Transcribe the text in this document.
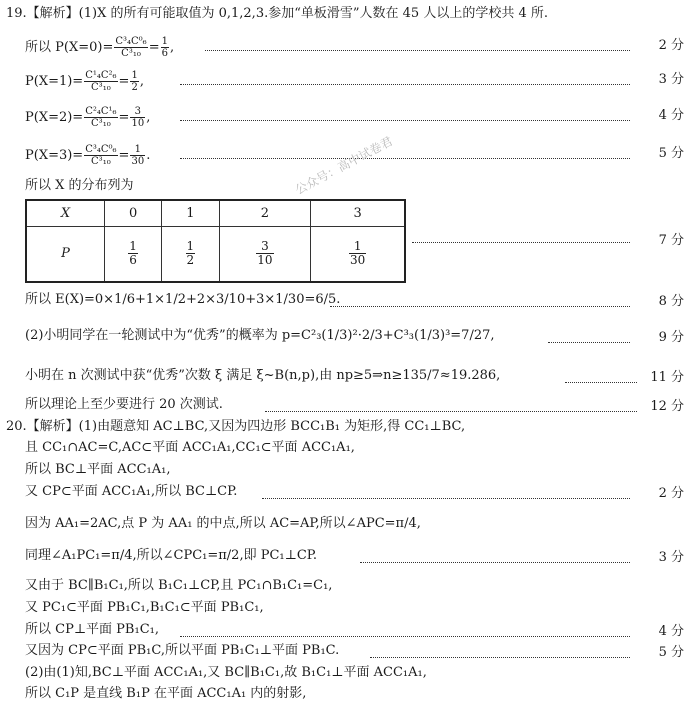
19.【解析】(1)X 的所有可能取值为 0,1,2,3.参加“单板滑雪”人数在 45 人以上的学校共 4 所.
所以 $P(X=0)= \frac{\text{C³₄C⁰₆}}{\text{C³₁₀}} = \frac{1}{6}$ ,	2 分
$P(X=1)= \frac{\text{C¹₄C²₆}}{\text{C³₁₀}} = \frac{1}{2}$ ,	3 分
$P(X=2)= \frac{\text{C²₄C¹₆}}{\text{C³₁₀}} = \frac{3}{10}$ ,	4 分
$P(X=3)= \frac{\text{C³₄C⁰₆}}{\text{C³₁₀}} = \frac{1}{30}$ .	5 分
所以 X 的分布列为
X	0	1	2	3
P	$\frac{1}{6}$	$\frac{1}{2}$	$\frac{3}{10}$	$\frac{1}{30}$	7 分
公众号：高中试卷君
所以 E(X)=0×1/6+1×1/2+2×3/10+3×1/30=6/5.	8 分
(2)小明同学在一轮测试中为“优秀”的概率为 p=C²₃(1/3)²·2/3+C³₃(1/3)³=7/27,	9 分
小明在 n 次测试中获“优秀”次数 ξ 满足 ξ~B(n,p),由 np≥5⇒n≥135/7≈19.286,	11 分
所以理论上至少要进行 20 次测试.	12 分
20.【解析】(1)由题意知 AC⊥BC,又因为四边形 BCC₁B₁ 为矩形,得 CC₁⊥BC,
且 CC₁∩AC=C,AC⊂平面 ACC₁A₁,CC₁⊂平面 ACC₁A₁,
所以 BC⊥平面 ACC₁A₁,
又 CP⊂平面 ACC₁A₁,所以 BC⊥CP.	2 分
因为 AA₁=2AC,点 P 为 AA₁ 的中点,所以 AC=AP,所以∠APC=π/4,
同理∠A₁PC₁=π/4,所以∠CPC₁=π/2,即 PC₁⊥CP.	3 分
又由于 BC∥B₁C₁,所以 B₁C₁⊥CP,且 PC₁∩B₁C₁=C₁,
又 PC₁⊂平面 PB₁C₁,B₁C₁⊂平面 PB₁C₁,
所以 CP⊥平面 PB₁C₁,	4 分
又因为 CP⊂平面 PB₁C,所以平面 PB₁C₁⊥平面 PB₁C.	5 分
(2)由(1)知,BC⊥平面 ACC₁A₁,又 BC∥B₁C₁,故 B₁C₁⊥平面 ACC₁A₁,
所以 C₁P 是直线 B₁P 在平面 ACC₁A₁ 内的射影,
